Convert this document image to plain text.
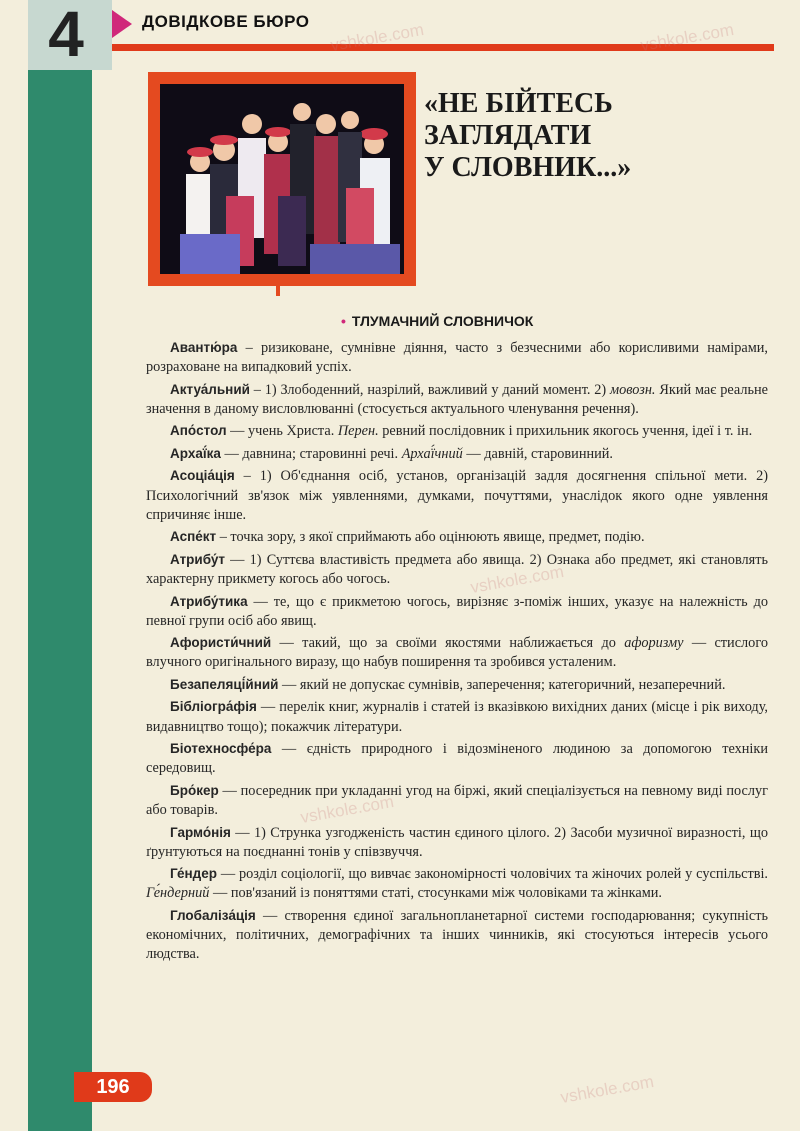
4	ДОВІДКОВЕ БЮРО
«НЕ БІЙТЕСЬ
ЗАГЛЯДАТИ
У СЛОВНИК...»
• ТЛУМАЧНИЙ СЛОВНИЧОК

Авантю́ра – ризиковане, сумнівне діяння, часто з безчесними або корисливими намірами, розраховане на випадковий успіх.

Актуа́льний – 1) Злободенний, назрілий, важливий у даний момент. 2) мовозн. Який має реальне значення в даному висловлюванні (стосується актуального членування речення).

Апо́стол — учень Христа. Перен. ревний послідовник і прихильник якогось учення, ідеї і т. ін.

Архаї́ка — давнина; старовинні речі. Архаї́чний — давній, старовинний.

Асоціа́ція – 1) Об'єднання осіб, установ, організацій задля досягнення спільної мети. 2) Психологічний зв'язок між уявленнями, думками, почуттями, унаслідок якого одне уявлення спричиняє інше.

Аспе́кт – точка зору, з якої сприймають або оцінюють явище, предмет, подію.

Атрибу́т — 1) Суттєва властивість предмета або явища. 2) Ознака або предмет, які становлять характерну прикмету когось або чогось.

Атрибу́тика — те, що є прикметою чогось, вирізняє з-поміж інших, указує на належність до певної групи осіб або явищ.

Афористи́чний — такий, що за своїми якостями наближається до афоризму — стислого влучного оригінального виразу, що набув поширення та зробився усталеним.

Безапеляці́йний — який не допускає сумнівів, заперечення; категоричний, незаперечний.

Бібліогра́фія — перелік книг, журналів і статей із вказівкою вихідних даних (місце і рік виходу, видавництво тощо); покажчик літератури.

Біотехносфе́ра — єдність природного і відозміненого людиною за допомогою техніки середовищ.

Бро́кер — посередник при укладанні угод на біржі, який спеціалізується на певному виді послуг або товарів.

Гармо́нія — 1) Стрункa узгодженість частин єдиного цілого. 2) Засоби музичної виразності, що ґрунтуються на поєднанні тонів у співзвуччя.

Ге́ндер — розділ соціології, що вивчає закономірності чоловічих та жіночих ролей у суспільстві. Ге́ндерний — пов'язаний із поняттями статі, стосунками між чоловіками та жінками.

Глобаліза́ція — створення єдиної загальнопланетарної системи господарювання; сукупність економічних, політичних, демографічних та інших чинників, які стосуються інтересів усього людства.

196
vshkole.com	vshkole.com
vshkole.com
vshkole.com
vshkole.com
